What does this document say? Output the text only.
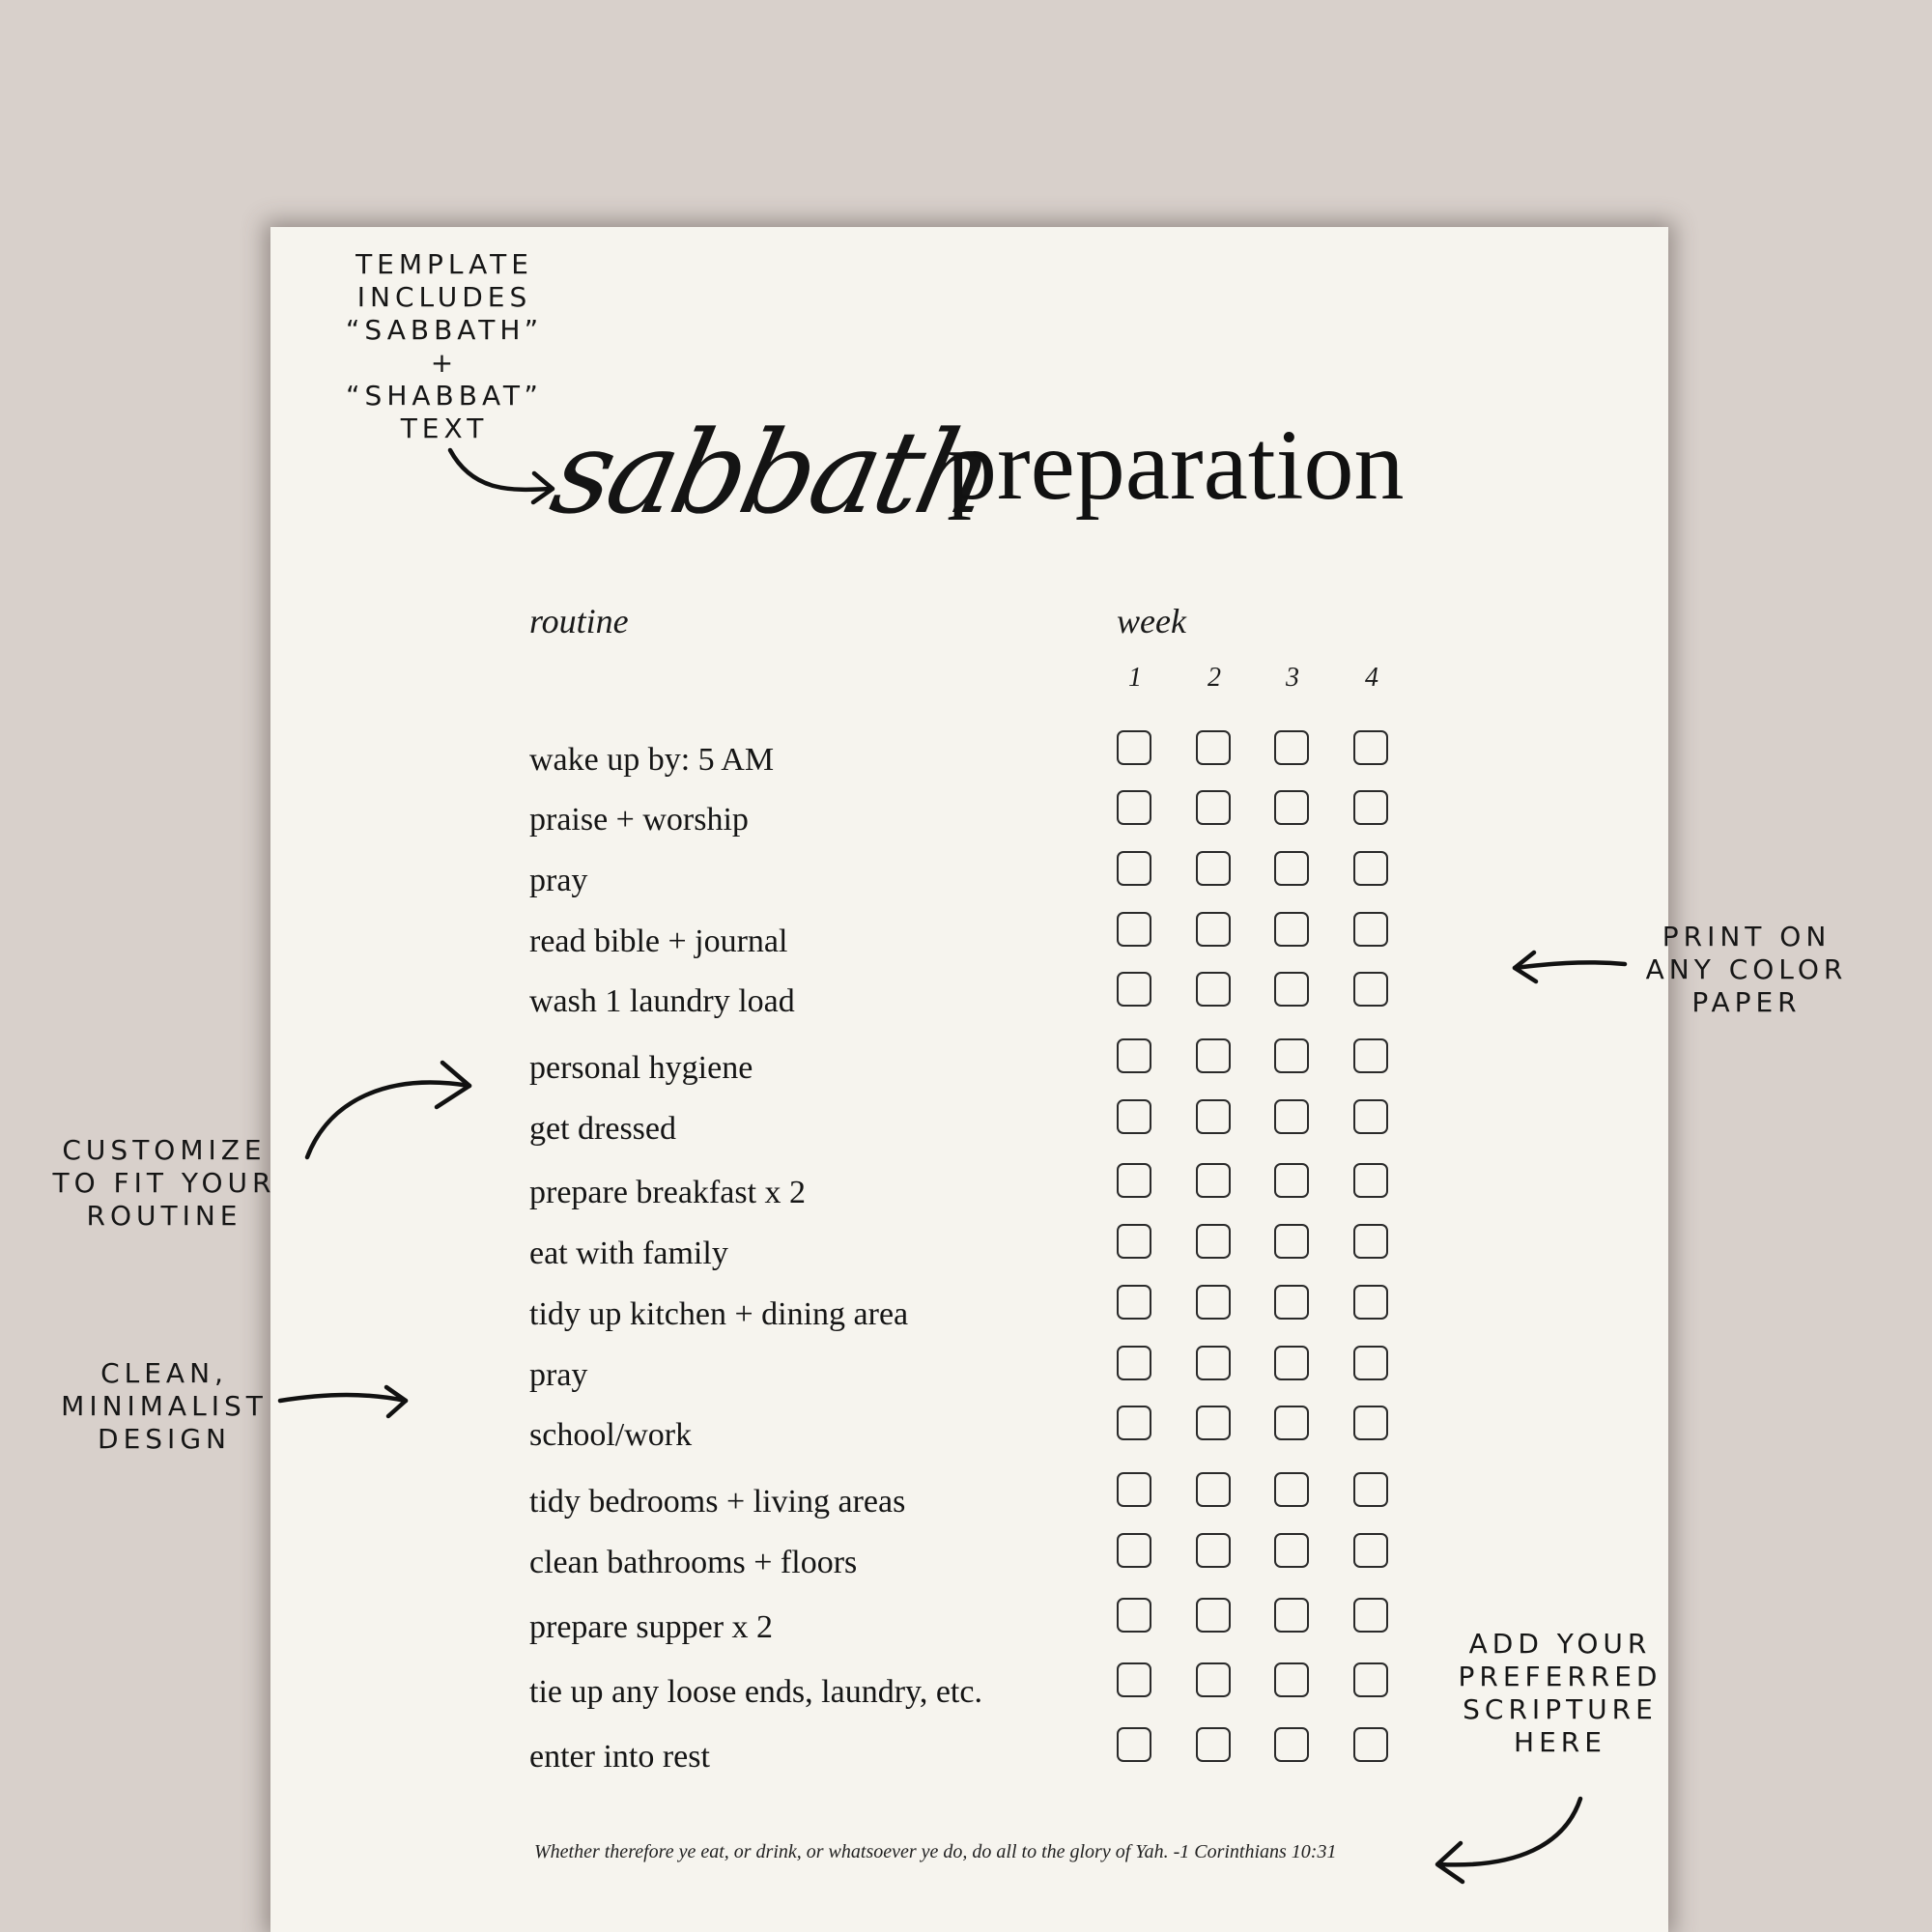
sabbath
preparation
routine	week
1	2	3	4
wake up by: 5 AM
praise + worship
pray
read bible + journal
wash 1 laundry load
personal hygiene
get dressed
prepare breakfast x 2
eat with family
tidy up kitchen + dining area
pray
school/work
tidy bedrooms + living areas
clean bathrooms + floors
prepare supper x 2
tie up any loose ends, laundry, etc.
enter into rest
Whether therefore ye eat, or drink, or whatsoever ye do, do all to the glory of Yah. -1 Corinthians 10:31
TEMPLATE
INCLUDES
“SABBATH”
+
“SHABBAT”
TEXT
PRINT ON
ANY COLOR
PAPER
CUSTOMIZE
TO FIT YOUR
ROUTINE
CLEAN,
MINIMALIST
DESIGN
ADD YOUR
PREFERRED
SCRIPTURE
HERE
